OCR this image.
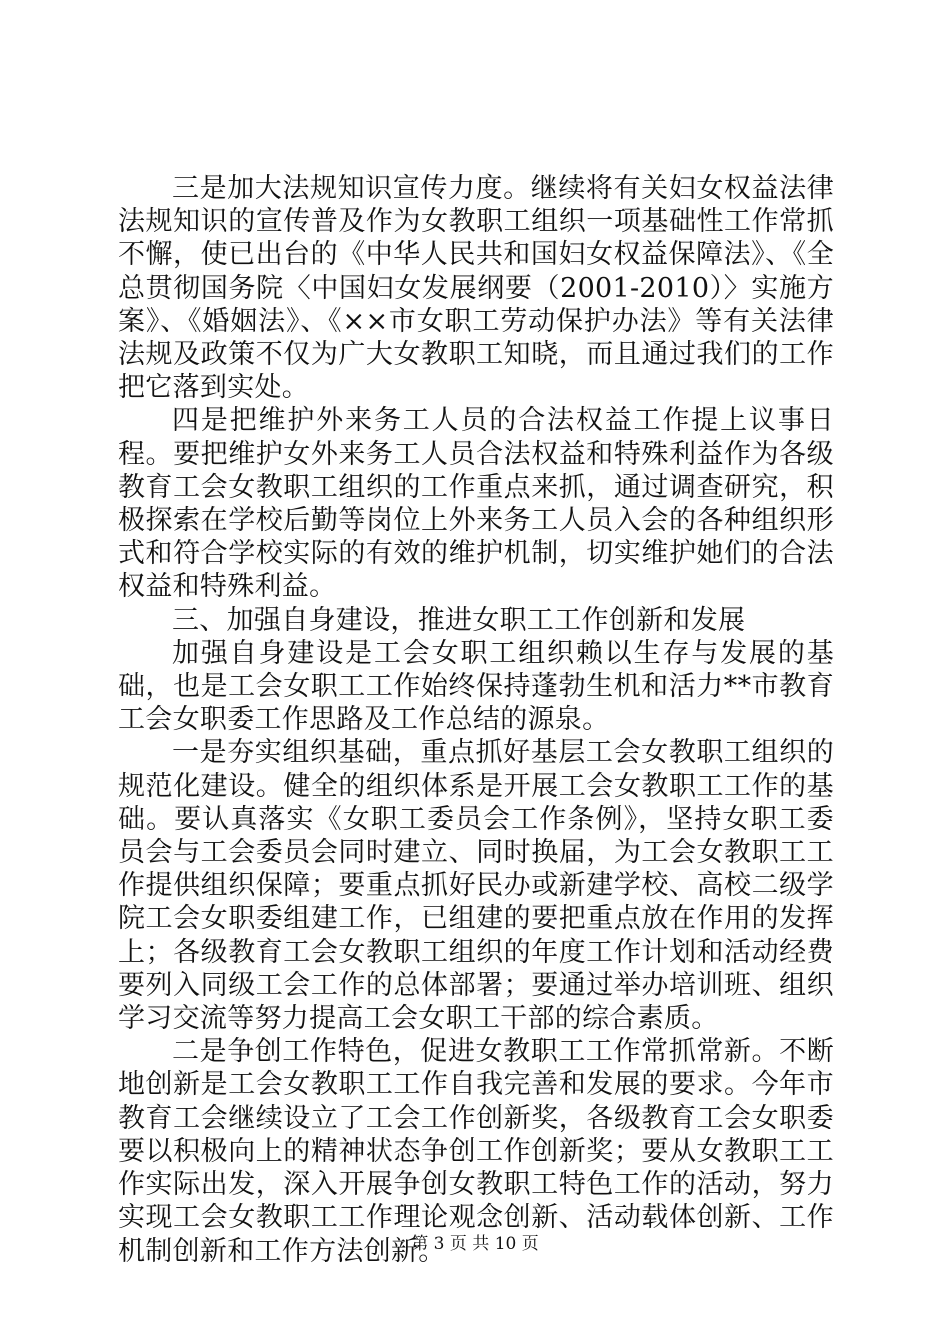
三是加大法规知识宣传力度。继续将有关妇女权益法律法规知识的宣传普及作为女教职工组织一项基础性工作常抓不懈，使已出台的《中华人民共和国妇女权益保障法》、《全总贯彻国务院〈中国妇女发展纲要（2001-2010）〉实施方案》、《婚姻法》、《××市女职工劳动保护办法》等有关法律法规及政策不仅为广大女教职工知晓，而且通过我们的工作把它落到实处。

四是把维护外来务工人员的合法权益工作提上议事日程。要把维护女外来务工人员合法权益和特殊利益作为各级教育工会女教职工组织的工作重点来抓，通过调查研究，积极探索在学校后勤等岗位上外来务工人员入会的各种组织形式和符合学校实际的有效的维护机制，切实维护她们的合法权益和特殊利益。

三、加强自身建设，推进女职工工作创新和发展

加强自身建设是工会女职工组织赖以生存与发展的基础，也是工会女职工工作始终保持蓬勃生机和活力**市教育工会女职委工作思路及工作总结的源泉。

一是夯实组织基础，重点抓好基层工会女教职工组织的规范化建设。健全的组织体系是开展工会女教职工工作的基础。要认真落实《女职工委员会工作条例》，坚持女职工委员会与工会委员会同时建立、同时换届，为工会女教职工工作提供组织保障；要重点抓好民办或新建学校、高校二级学院工会女职委组建工作，已组建的要把重点放在作用的发挥上；各级教育工会女教职工组织的年度工作计划和活动经费要列入同级工会工作的总体部署；要通过举办培训班、组织学习交流等努力提高工会女职工干部的综合素质。

二是争创工作特色，促进女教职工工作常抓常新。不断地创新是工会女教职工工作自我完善和发展的要求。今年市教育工会继续设立了工会工作创新奖，各级教育工会女职委要以积极向上的精神状态争创工作创新奖；要从女教职工工作实际出发，深入开展争创女教职工特色工作的活动，努力实现工会女教职工工作理论观念创新、活动载体创新、工作机制创新和工作方法创新。

第 3 页 共 10 页
